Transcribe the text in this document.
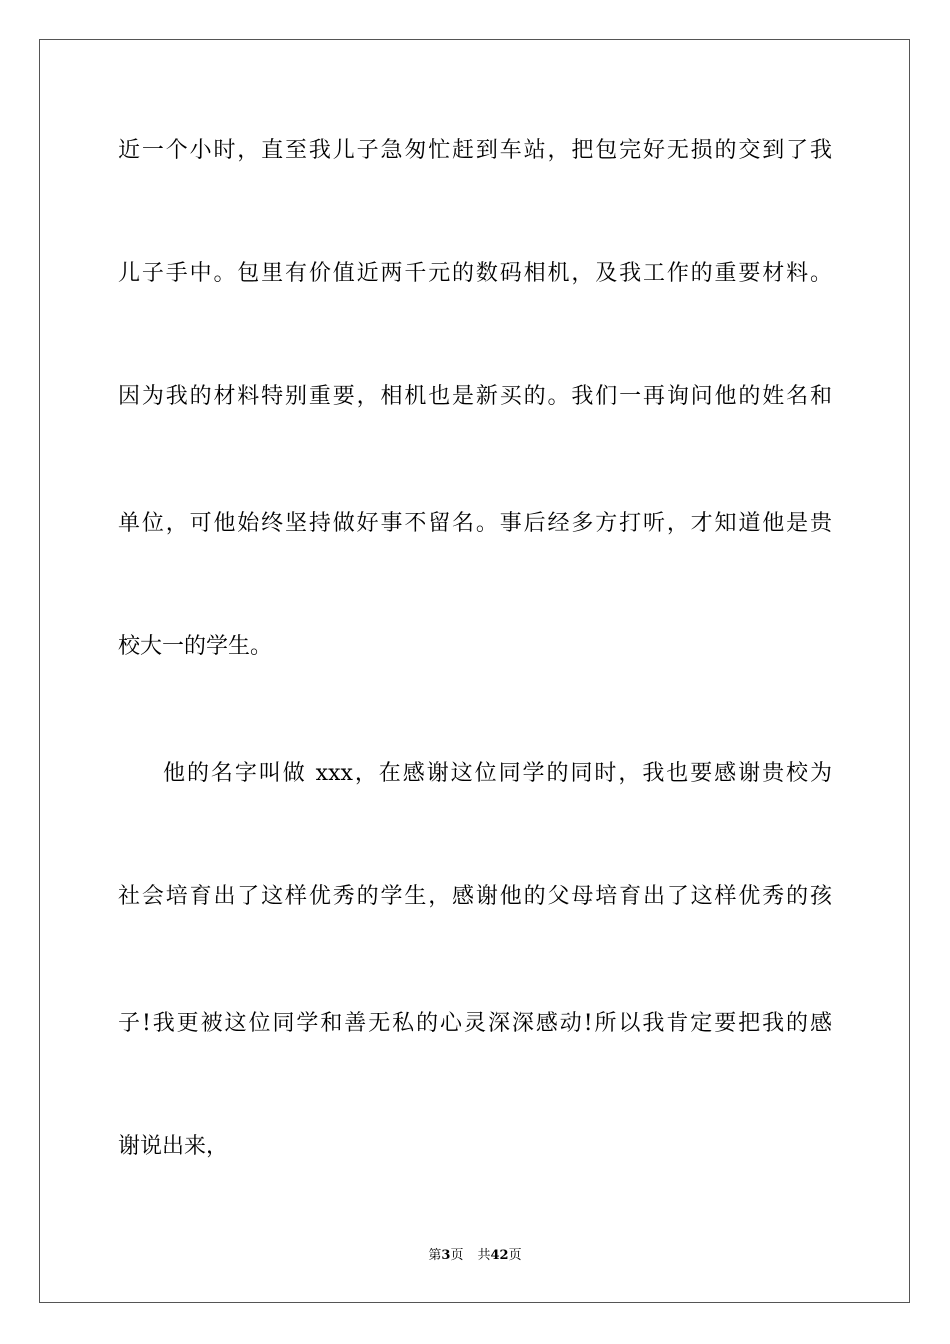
近一个小时，直至我儿子急匆忙赶到车站，把包完好无损的交到了我
儿子手中。包里有价值近两千元的数码相机，及我工作的重要材料。
因为我的材料特别重要，相机也是新买的。我们一再询问他的姓名和
单位，可他始终坚持做好事不留名。事后经多方打听，才知道他是贵
校大一的学生。
他的名字叫做 xxx，在感谢这位同学的同时，我也要感谢贵校为
社会培育出了这样优秀的学生，感谢他的父母培育出了这样优秀的孩
子!我更被这位同学和善无私的心灵深深感动!所以我肯定要把我的感
谢说出来，
第3页 共42页
